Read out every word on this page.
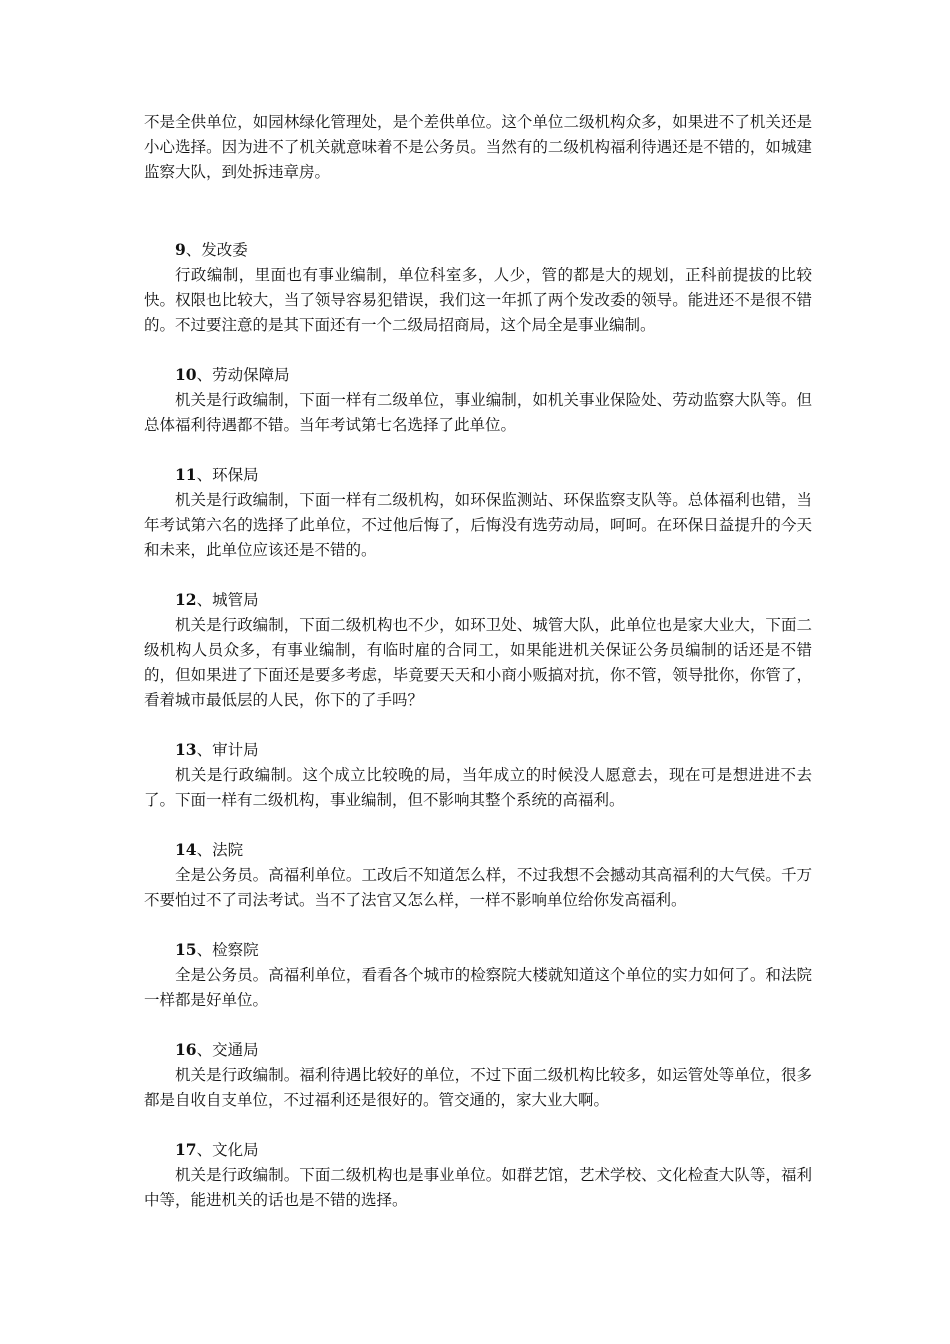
不是全供单位，如园林绿化管理处，是个差供单位。这个单位二级机构众多，如果进不了机关还是小心选择。因为进不了机关就意味着不是公务员。当然有的二级机构福利待遇还是不错的，如城建监察大队，到处拆违章房。

9、发改委

行政编制，里面也有事业编制，单位科室多，人少，管的都是大的规划，正科前提拔的比较快。权限也比较大，当了领导容易犯错误，我们这一年抓了两个发改委的领导。能进还不是很不错的。不过要注意的是其下面还有一个二级局招商局，这个局全是事业编制。

10、劳动保障局

机关是行政编制，下面一样有二级单位，事业编制，如机关事业保险处、劳动监察大队等。但总体福利待遇都不错。当年考试第七名选择了此单位。

11、环保局

机关是行政编制，下面一样有二级机构，如环保监测站、环保监察支队等。总体福利也错，当年考试第六名的选择了此单位，不过他后悔了，后悔没有选劳动局，呵呵。在环保日益提升的今天和未来，此单位应该还是不错的。

12、城管局

机关是行政编制，下面二级机构也不少，如环卫处、城管大队，此单位也是家大业大，下面二级机构人员众多，有事业编制，有临时雇的合同工，如果能进机关保证公务员编制的话还是不错的，但如果进了下面还是要多考虑，毕竟要天天和小商小贩搞对抗，你不管，领导批你，你管了，看着城市最低层的人民，你下的了手吗？

13、审计局

机关是行政编制。这个成立比较晚的局，当年成立的时候没人愿意去，现在可是想进进不去了。下面一样有二级机构，事业编制，但不影响其整个系统的高福利。

14、法院

全是公务员。高福利单位。工改后不知道怎么样，不过我想不会撼动其高福利的大气侯。千万不要怕过不了司法考试。当不了法官又怎么样，一样不影响单位给你发高福利。

15、检察院

全是公务员。高福利单位，看看各个城市的检察院大楼就知道这个单位的实力如何了。和法院一样都是好单位。

16、交通局

机关是行政编制。福利待遇比较好的单位，不过下面二级机构比较多，如运管处等单位，很多都是自收自支单位，不过福利还是很好的。管交通的，家大业大啊。

17、文化局

机关是行政编制。下面二级机构也是事业单位。如群艺馆，艺术学校、文化检查大队等，福利中等，能进机关的话也是不错的选择。
